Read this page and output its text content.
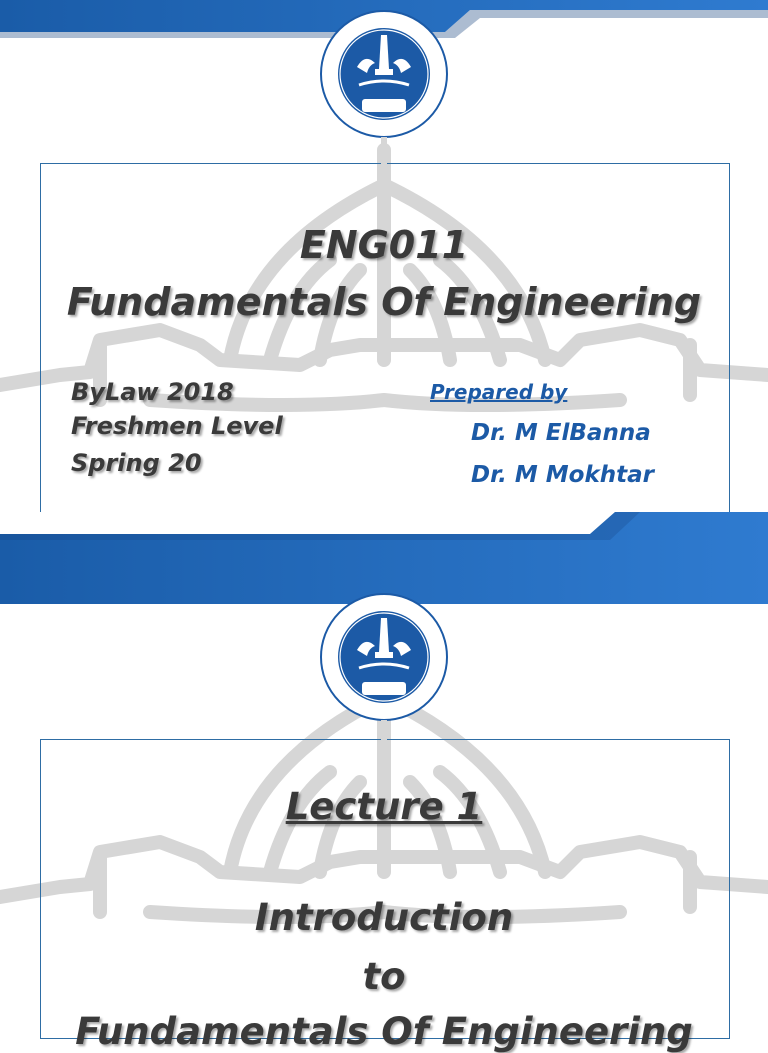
ENG011
Fundamentals Of Engineering
ByLaw 2018
Freshmen Level
Spring 20
Prepared by
Dr. M ElBanna
Dr. M Mokhtar
Lecture 1
Introduction
to
Fundamentals Of Engineering
